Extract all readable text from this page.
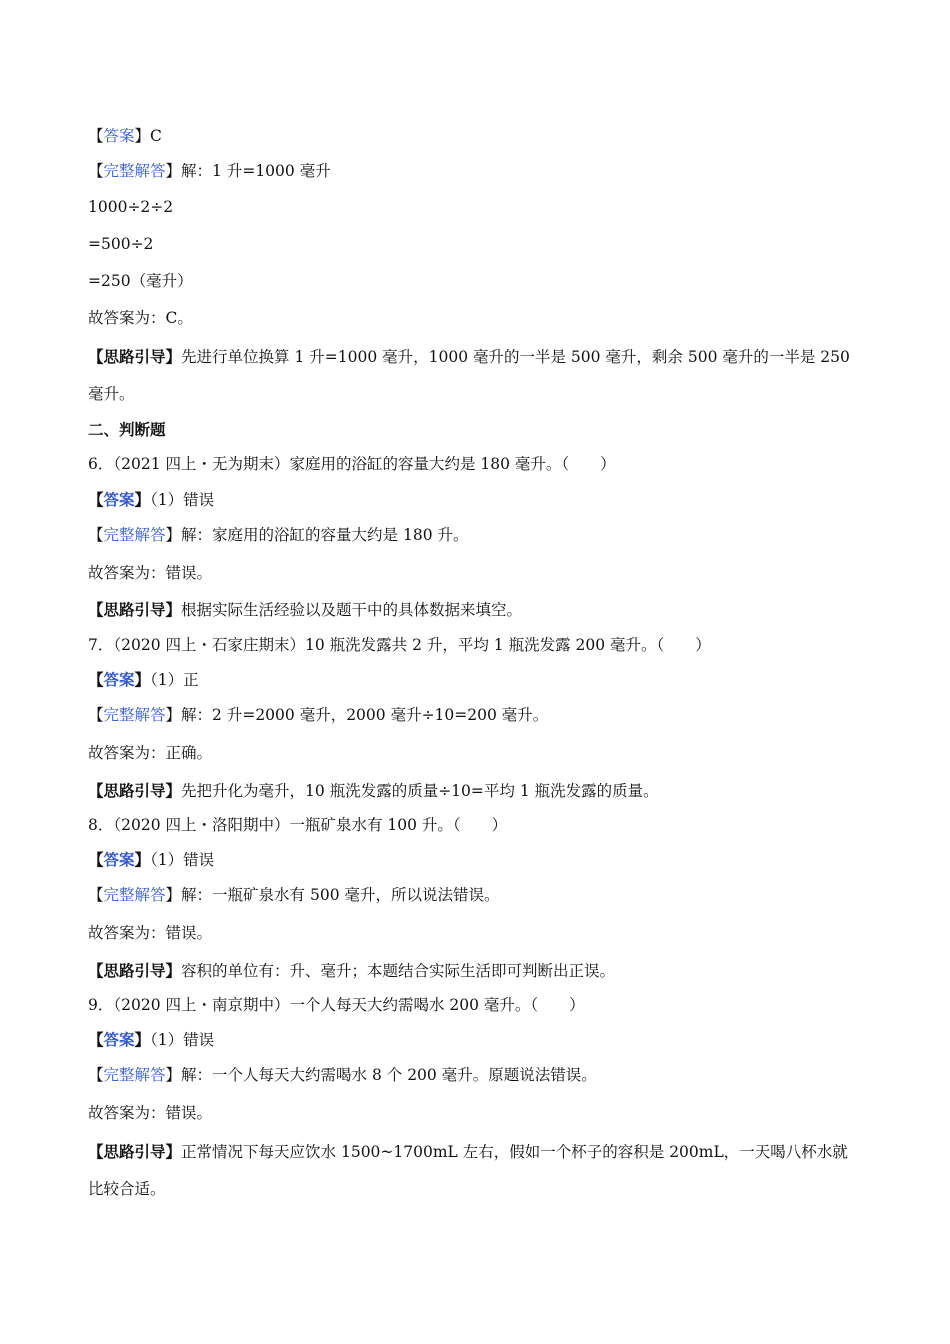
【答案】C
【完整解答】解：1 升=1000 毫升
1000÷2÷2
=500÷2
=250（毫升）
故答案为：C。
【思路引导】先进行单位换算 1 升=1000 毫升，1000 毫升的一半是 500 毫升，剩余 500 毫升的一半是 250
毫升。
二、判断题
6．（2021 四上・无为期末）家庭用的浴缸的容量大约是 180 毫升。（　　）
【答案】（1）错误
【完整解答】解：家庭用的浴缸的容量大约是 180 升。
故答案为：错误。
【思路引导】根据实际生活经验以及题干中的具体数据来填空。
7．（2020 四上・石家庄期末）10 瓶洗发露共 2 升，平均 1 瓶洗发露 200 毫升。（　　）
【答案】（1）正
【完整解答】解：2 升=2000 毫升，2000 毫升÷10=200 毫升。
故答案为：正确。
【思路引导】先把升化为毫升，10 瓶洗发露的质量÷10=平均 1 瓶洗发露的质量。
8．（2020 四上・洛阳期中）一瓶矿泉水有 100 升。（　　）
【答案】（1）错误
【完整解答】解：一瓶矿泉水有 500 毫升，所以说法错误。
故答案为：错误。
【思路引导】容积的单位有：升、毫升；本题结合实际生活即可判断出正误。
9．（2020 四上・南京期中）一个人每天大约需喝水 200 毫升。（　　）
【答案】（1）错误
【完整解答】解：一个人每天大约需喝水 8 个 200 毫升。原题说法错误。
故答案为：错误。
【思路引导】正常情况下每天应饮水 1500~1700mL 左右，假如一个杯子的容积是 200mL，一天喝八杯水就
比较合适。
